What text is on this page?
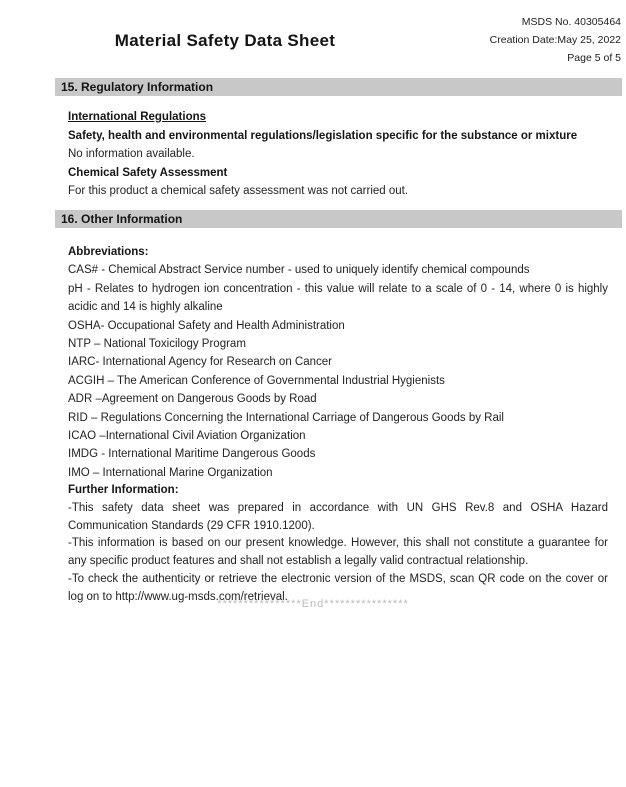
Material Safety Data Sheet
MSDS No. 40305464
Creation Date:May 25, 2022
Page 5 of 5
15. Regulatory Information
International Regulations
Safety, health and environmental regulations/legislation specific for the substance or mixture
No information available.
Chemical Safety Assessment
For this product a chemical safety assessment was not carried out.
16. Other Information
Abbreviations:
CAS# - Chemical Abstract Service number - used to uniquely identify chemical compounds
pH - Relates to hydrogen ion concentration - this value will relate to a scale of 0 - 14, where 0 is highly
acidic and 14 is highly alkaline
OSHA- Occupational Safety and Health Administration
NTP – National Toxicilogy Program
IARC- International Agency for Research on Cancer
ACGIH – The American Conference of Governmental Industrial Hygienists
ADR –Agreement on Dangerous Goods by Road
RID – Regulations Concerning the International Carriage of Dangerous Goods by Rail
ICAO –International Civil Aviation Organization
IMDG - International Maritime Dangerous Goods
IMO – International Marine Organization
Further Information:
-This safety data sheet was prepared in accordance with UN GHS Rev.8 and OSHA Hazard
Communication Standards (29 CFR 1910.1200).
-This information is based on our present knowledge. However, this shall not constitute a guarantee for
any specific product features and shall not establish a legally valid contractual relationship.
-To check the authenticity or retrieve the electronic version of the MSDS, scan QR code on the cover or
log on to http://www.ug-msds.com/retrieval.
****************End****************
